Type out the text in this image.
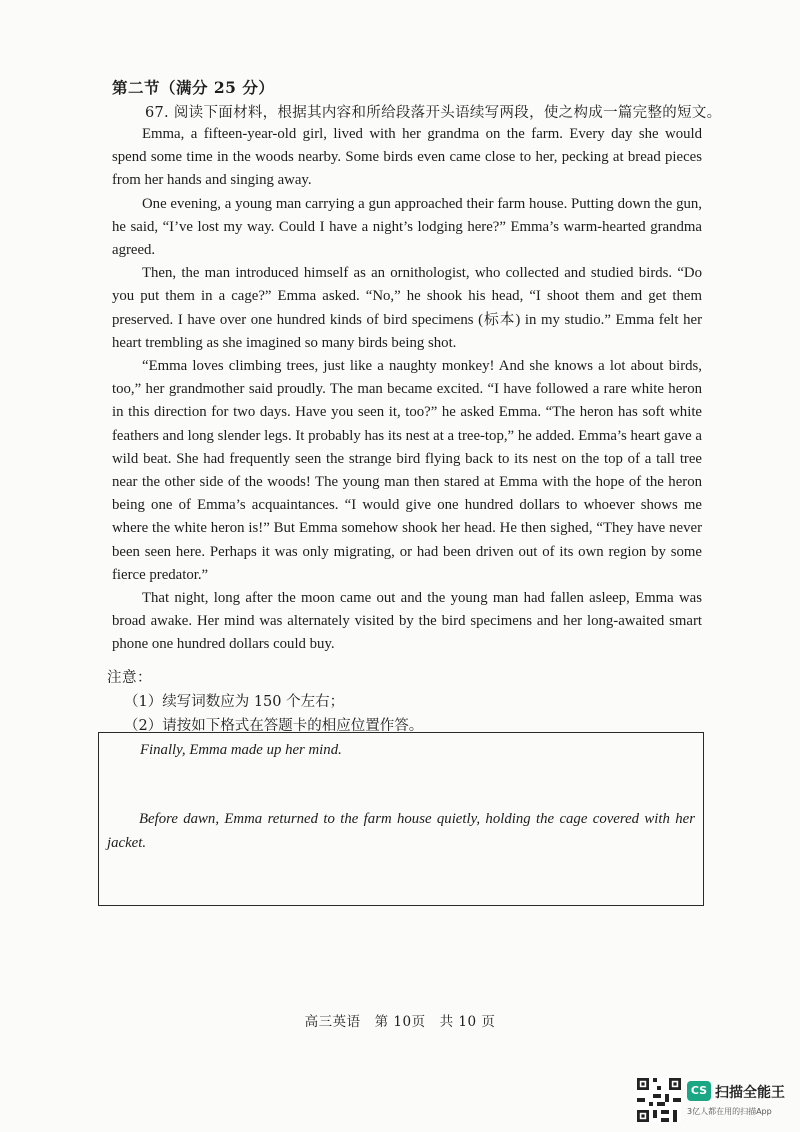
第二节（满分 25 分）
67. 阅读下面材料，根据其内容和所给段落开头语续写两段，使之构成一篇完整的短文。

Emma, a fifteen-year-old girl, lived with her grandma on the farm. Every day she would spend some time in the woods nearby. Some birds even came close to her, pecking at bread pieces from her hands and singing away.

One evening, a young man carrying a gun approached their farm house. Putting down the gun, he said, “I’ve lost my way. Could I have a night’s lodging here?” Emma’s warm-hearted grandma agreed.

Then, the man introduced himself as an ornithologist, who collected and studied birds. “Do you put them in a cage?” Emma asked. “No,” he shook his head, “I shoot them and get them preserved. I have over one hundred kinds of bird specimens (标本) in my studio.” Emma felt her heart trembling as she imagined so many birds being shot.

“Emma loves climbing trees, just like a naughty monkey! And she knows a lot about birds, too,” her grandmother said proudly. The man became excited. “I have followed a rare white heron in this direction for two days. Have you seen it, too?” he asked Emma. “The heron has soft white feathers and long slender legs. It probably has its nest at a tree-top,” he added. Emma’s heart gave a wild beat. She had frequently seen the strange bird flying back to its nest on the top of a tall tree near the other side of the woods! The young man then stared at Emma with the hope of the heron being one of Emma’s acquaintances. “I would give one hundred dollars to whoever shows me where the white heron is!” But Emma somehow shook her head. He then sighed, “They have never been seen here. Perhaps it was only migrating, or had been driven out of its own region by some fierce predator.”

That night, long after the moon came out and the young man had fallen asleep, Emma was broad awake. Her mind was alternately visited by the bird specimens and her long-awaited smart phone one hundred dollars could buy.

注意：
（1）续写词数应为 150 个左右；
（2）请按如下格式在答题卡的相应位置作答。
Finally, Emma made up her mind.
Before dawn, Emma returned to the farm house quietly, holding the cage covered with her jacket.
高三英语　第 10页　共 10 页
CS 扫描全能王
3亿人都在用的扫描App
